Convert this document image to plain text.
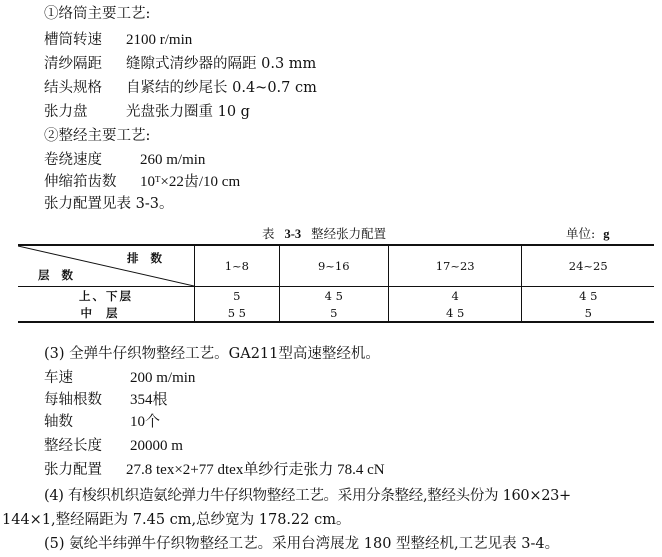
①络筒主要工艺:
槽筒转速 2100 r/min
清纱隔距 缝隙式清纱器的隔距 0.3 mm
结头规格 自紧结的纱尾长 0.4~0.7 cm
张力盘	光盘张力圈重 10 g
②整经主要工艺:
卷绕速度	260 m/min
伸缩筘齿数 10ᵀ×22齿/10 cm
张力配置见表 3-3。
表 3-3 整经张力配置	单位: g
排数
层数	1~8	9~16	17~23	24~25
上、下层	5	4 5	4	4 5
中层	5 5	5	4 5	5
(3) 全弹牛仔织物整经工艺。GA211型高速整经机。
车速	200 m/min
每轴根数 354根
轴数	10个
整经长度 20000 m
张力配置 27.8 tex×2+77 dtex单纱行走张力 78.4 cN
(4) 有梭织机织造氨纶弹力牛仔织物整经工艺。采用分条整经,整经头份为 160×23+
144×1,整经隔距为 7.45 cm,总纱宽为 178.22 cm。
(5) 氨纶半纬弹牛仔织物整经工艺。采用台湾展龙 180 型整经机,工艺见表 3-4。
